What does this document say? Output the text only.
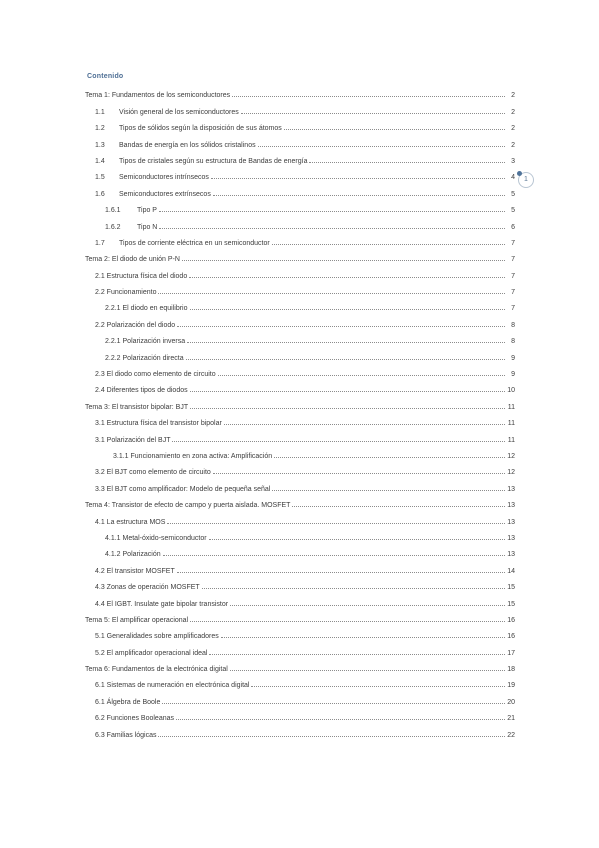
1
Contenido
Tema 1: Fundamentos de los semiconductores	2
1.1	Visión general de los semiconductores	2
1.2	Tipos de sólidos según la disposición de sus átomos	2
1.3	Bandas de energía en los sólidos cristalinos	2
1.4	Tipos de cristales según su estructura de Bandas de energía	3
1.5	Semiconductores intrínsecos	4
1.6	Semiconductores extrínsecos	5
1.6.1	Tipo P	5
1.6.2	Tipo N	6
1.7	Tipos de corriente eléctrica en un semiconductor	7
Tema 2: El diodo de unión P-N	7
2.1 Estructura física del diodo	7
2.2 Funcionamiento	7
2.2.1 El diodo en equilibrio	7
2.2 Polarización del diodo	8
2.2.1 Polarización inversa	8
2.2.2 Polarización directa	9
2.3 El diodo como elemento de circuito	9
2.4 Diferentes tipos de diodos	10
Tema 3: El transistor bipolar: BJT	11
3.1 Estructura física del transistor bipolar	11
3.1 Polarización del BJT	11
3.1.1 Funcionamiento en zona activa: Amplificación	12
3.2 El BJT como elemento de circuito	12
3.3 El BJT como amplificador: Modelo de pequeña señal	13
Tema 4: Transistor de efecto de campo y puerta aislada. MOSFET	13
4.1 La estructura MOS	13
4.1.1 Metal-óxido-semiconductor	13
4.1.2 Polarización	13
4.2 El transistor MOSFET	14
4.3 Zonas de operación MOSFET	15
4.4 El IGBT. Insulate gate bipolar transistor	15
Tema 5: El amplificar operacional	16
5.1 Generalidades sobre amplificadores	16
5.2 El amplificador operacional ideal	17
Tema 6: Fundamentos de la electrónica digital	18
6.1 Sistemas de numeración en electrónica digital	19
6.1 Álgebra de Boole	20
6.2 Funciones Booleanas	21
6.3 Familias lógicas	22
